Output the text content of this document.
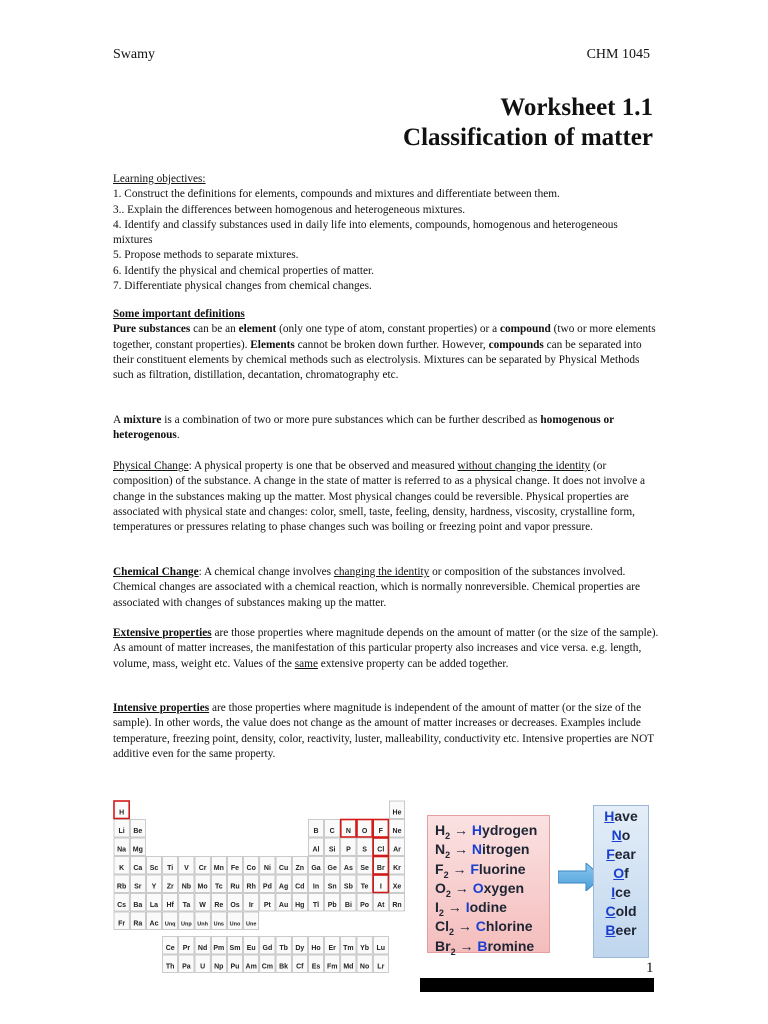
Swamy	CHM 1045
Worksheet 1.1
Classification of matter

Learning objectives:

1. Construct the definitions for elements, compounds and mixtures and differentiate between them.
3.. Explain the differences between homogenous and heterogeneous mixtures.
4. Identify and classify substances used in daily life into elements, compounds, homogenous and heterogeneous mixtures
5. Propose methods to separate mixtures.
6. Identify the physical and chemical properties of matter.
7. Differentiate physical changes from chemical changes.

Some important definitions

Pure substances can be an element (only one type of atom, constant properties) or a compound (two or more elements together, constant properties). Elements cannot be broken down further. However, compounds can be separated into their constituent elements by chemical methods such as electrolysis. Mixtures can be separated by Physical Methods such as filtration, distillation, decantation, chromatography etc.

A mixture is a combination of two or more pure substances which can be further described as homogenous or heterogenous.

Physical Change: A physical property is one that be observed and measured without changing the identity (or composition) of the substance. A change in the state of matter is referred to as a physical change. It does not involve a change in the substances making up the matter. Most physical changes could be reversible. Physical properties are associated with physical state and changes: color, smell, taste, feeling, density, hardness, viscosity, crystalline form, temperatures or pressures relating to phase changes such was boiling or freezing point and vapor pressure.

Chemical Change: A chemical change involves changing the identity or composition of the substances involved. Chemical changes are associated with a chemical reaction, which is normally nonreversible. Chemical properties are associated with changes of substances making up the matter.

Extensive properties are those properties where magnitude depends on the amount of matter (or the size of the sample). As amount of matter increases, the manifestation of this particular property also increases and vice versa. e.g. length, volume, mass, weight etc. Values of the same extensive property can be added together.

Intensive properties are those properties where magnitude is independent of the amount of matter (or the size of the sample). In other words, the value does not change as the amount of matter increases or decreases. Examples include temperature, freezing point, density, color, reactivity, luster, malleability, conductivity etc. Intensive properties are NOT additive even for the same property.

H	He
Li Be	B C N O F Ne
Na Mg	Al Si P S Cl Ar
K Ca Sc Ti V Cr Mn Fe Co Ni Cu Zn Ga Ge As Se Br Kr
Rb Sr Y Zr Nb Mo Tc Ru Rh Pd Ag Cd In Sn Sb Te I Xe
Cs Ba La Hf Ta W Re Os Ir Pt Au Hg Tl Pb Bi Po At Rn
Fr Ra Ac Unq Unp Unh Uns Uno Une
Ce Pr Nd Pm Sm Eu Gd Tb Dy Ho Er Tm Yb Lu
Th Pa U Np Pu Am Cm Bk Cf Es Fm Md No Lr
$H_2$ → Hydrogen
$N_2$ → Nitrogen
$F_2$ → Fluorine
$O_2$ → Oxygen
$I_2$ → Iodine
$Cl_2$ → Chlorine
$Br_2 \to Bromine$
Have
No
Fear
Of
Ice
Cold
Beer
1
